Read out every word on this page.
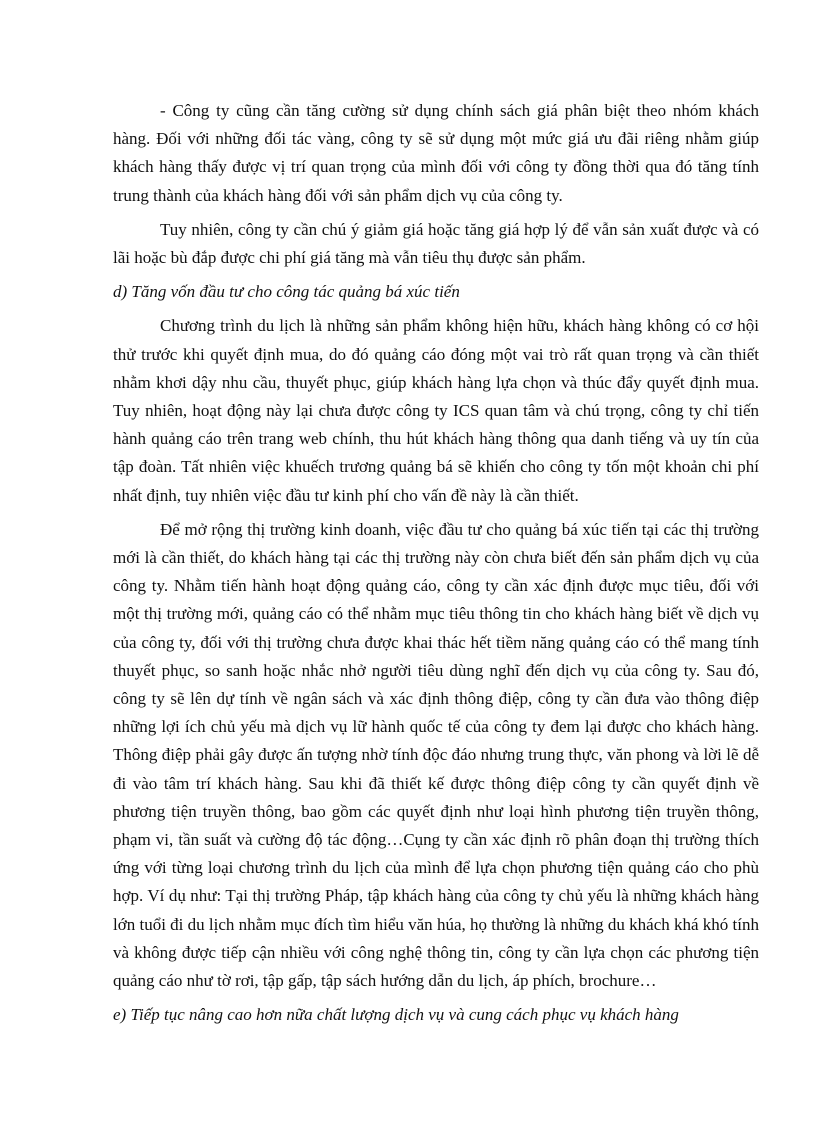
- Công ty cũng cần tăng cường sử dụng chính sách giá phân biệt theo nhóm khách hàng. Đối với những đối tác vàng, công ty sẽ sử dụng một mức giá ưu đãi riêng nhằm giúp khách hàng thấy được vị trí quan trọng của mình đối với công ty đồng thời qua đó tăng tính trung thành của khách hàng đối với sản phẩm dịch vụ của công ty.

Tuy nhiên, công ty cần chú ý giảm giá hoặc tăng giá hợp lý để vẫn sản xuất được và có lãi hoặc bù đắp được chi phí giá tăng mà vẫn tiêu thụ được sản phẩm.

d) Tăng vốn đầu tư cho công tác quảng bá xúc tiến

Chương trình du lịch là những sản phẩm không hiện hữu, khách hàng không có cơ hội thử trước khi quyết định mua, do đó quảng cáo đóng một vai trò rất quan trọng và cần thiết nhằm khơi dậy nhu cầu, thuyết phục, giúp khách hàng lựa chọn và thúc đẩy quyết định mua. Tuy nhiên, hoạt động này lại chưa được công ty ICS quan tâm và chú trọng, công ty chỉ tiến hành quảng cáo trên trang web chính, thu hút khách hàng thông qua danh tiếng và uy tín của tập đoàn. Tất nhiên việc khuếch trương quảng bá sẽ khiến cho công ty tốn một khoản chi phí nhất định, tuy nhiên việc đầu tư kinh phí cho vấn đề này là cần thiết.

Để mở rộng thị trường kinh doanh, việc đầu tư cho quảng bá xúc tiến tại các thị trường mới là cần thiết, do khách hàng tại các thị trường này còn chưa biết đến sản phẩm dịch vụ của công ty. Nhằm tiến hành hoạt động quảng cáo, công ty cần xác định được mục tiêu, đối với một thị trường mới, quảng cáo có thể nhằm mục tiêu thông tin cho khách hàng biết về dịch vụ của công ty, đối với thị trường chưa được khai thác hết tiềm năng quảng cáo có thể mang tính thuyết phục, so sanh hoặc nhắc nhở người tiêu dùng nghĩ đến dịch vụ của công ty. Sau đó, công ty sẽ lên dự tính về ngân sách và xác định thông điệp, công ty cần đưa vào thông điệp những lợi ích chủ yếu mà dịch vụ lữ hành quốc tế của công ty đem lại được cho khách hàng. Thông điệp phải gây được ấn tượng nhờ tính độc đáo nhưng trung thực, văn phong và lời lẽ dễ đi vào tâm trí khách hàng. Sau khi đã thiết kế được thông điệp công ty cần quyết định về phương tiện truyền thông, bao gồm các quyết định như loại hình phương tiện truyền thông, phạm vi, tần suất và cường độ tác động…Cụng ty cần xác định rõ phân đoạn thị trường thích ứng với từng loại chương trình du lịch của mình để lựa chọn phương tiện quảng cáo cho phù hợp. Ví dụ như: Tại thị trường Pháp, tập khách hàng của công ty chủ yếu là những khách hàng lớn tuổi đi du lịch nhằm mục đích tìm hiểu văn húa, họ thường là những du khách khá khó tính và không được tiếp cận nhiều với công nghệ thông tin, công ty cần lựa chọn các phương tiện quảng cáo như tờ rơi, tập gấp, tập sách hướng dẫn du lịch, áp phích, brochure…

e) Tiếp tục nâng cao hơn nữa chất lượng dịch vụ và cung cách phục vụ khách hàng
